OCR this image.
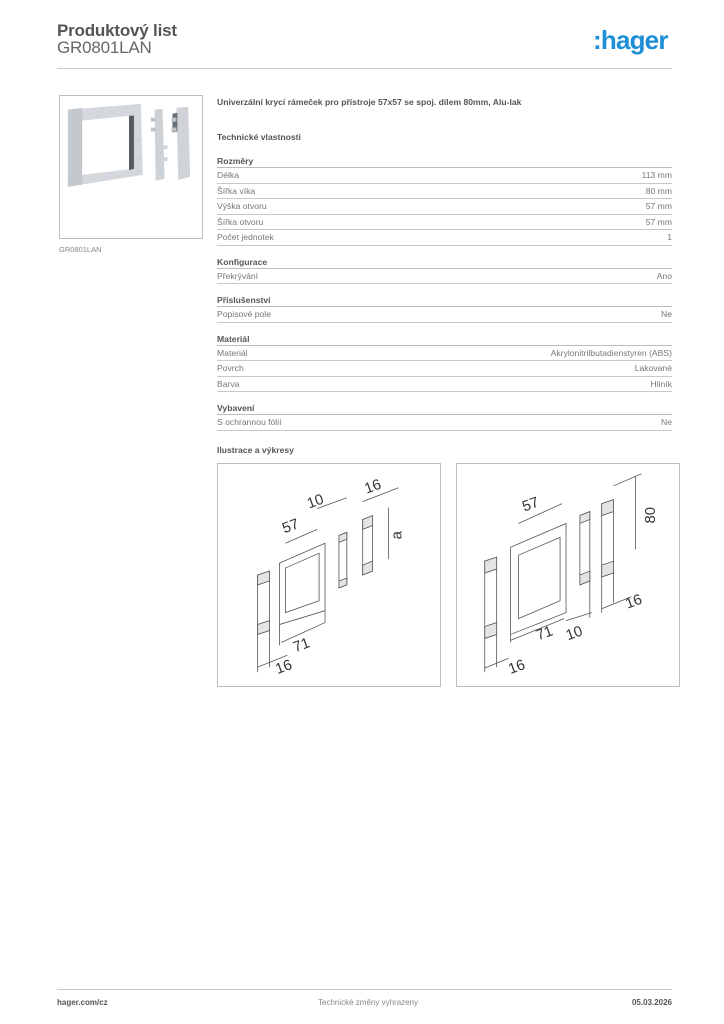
Produktový list
GR0801LAN	:hager
GR0801LAN
Univerzální krycí rámeček pro přístroje 57x57 se spoj. dílem 80mm, Alu-lak
Technické vlastnosti
Rozměry
Délka	113 mm
Šířka víka	80 mm
Výška otvoru	57 mm
Šířka otvoru	57 mm
Počet jednotek	1
Konfigurace
Překrývání	Ano
Příslušenství
Popisové pole	Ne
Materiál
Materiál	Akrylonitrilbutadienstyren (ABS)
Povrch	Lakované
Barva	Hliník
Vybavení
S ochrannou fólií	Ne
Ilustrace a výkresy
57
10
16
a
71
16
57	80
16
71 10
16
hager.com/cz	Technické změny vyhrazeny	05.03.2026
